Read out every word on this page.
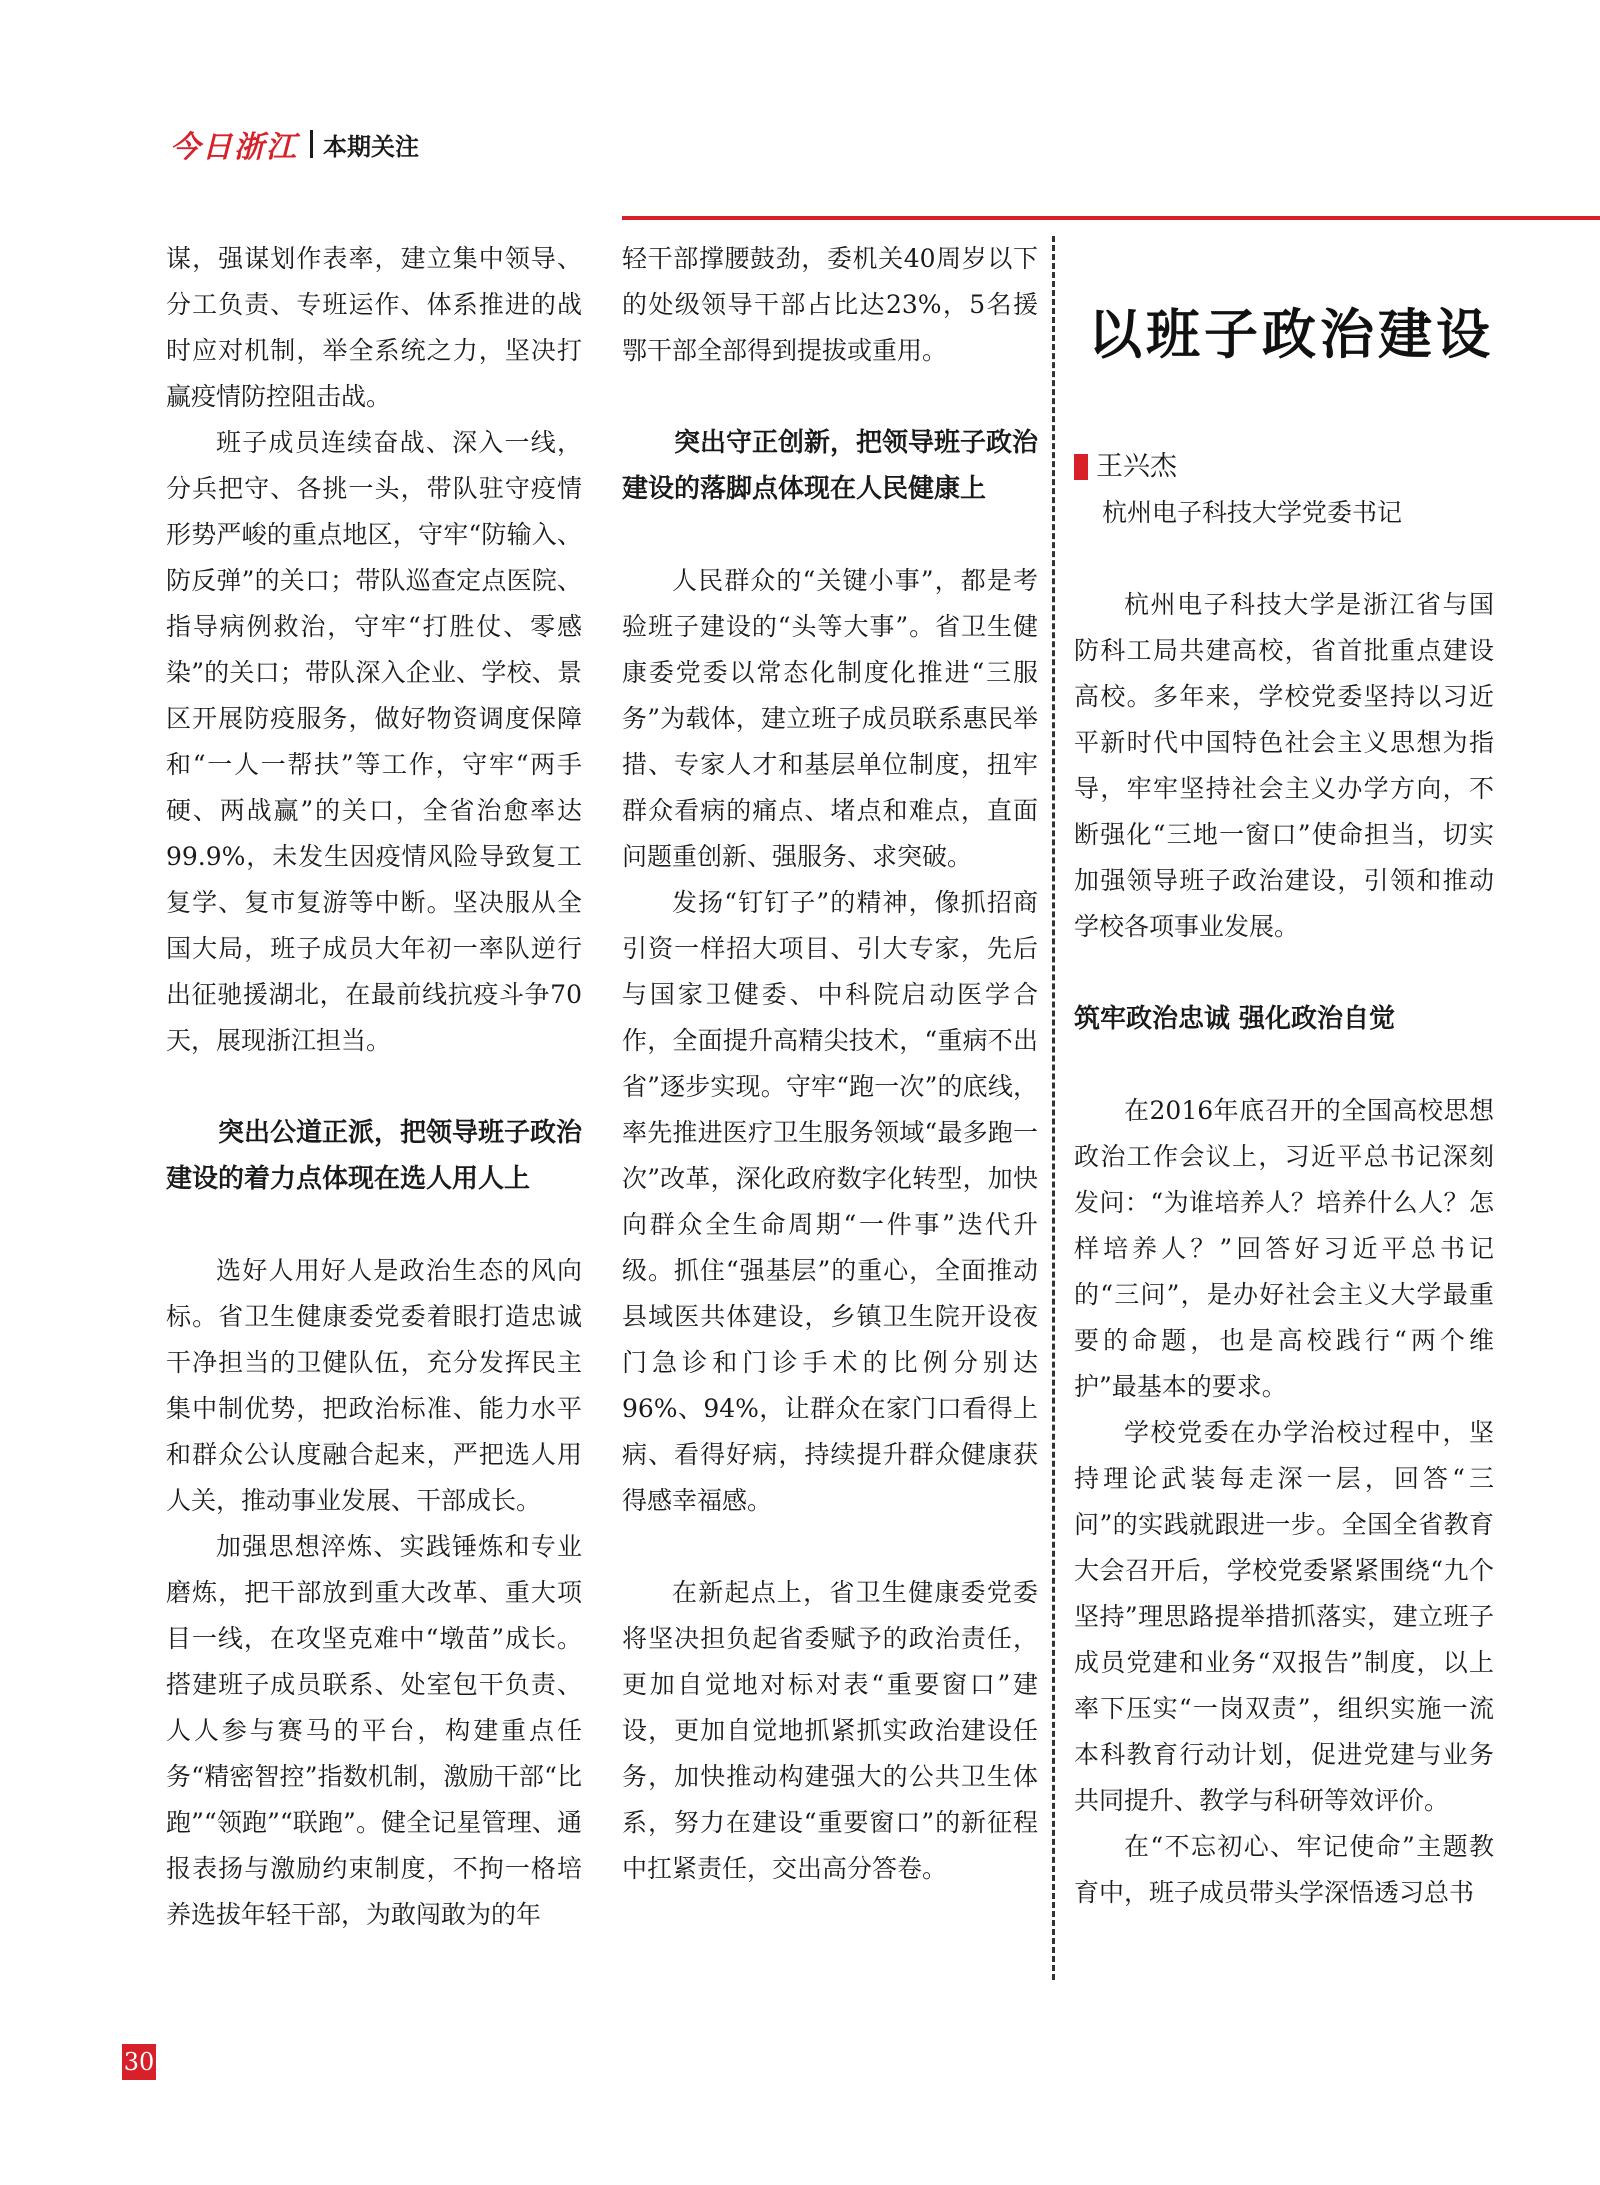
今日浙江 本期关注

谋，强谋划作表率，建立集中领导、分工负责、专班运作、体系推进的战时应对机制，举全系统之力，坚决打赢疫情防控阻击战。

班子成员连续奋战、深入一线，分兵把守、各挑一头，带队驻守疫情形势严峻的重点地区，守牢“防输入、防反弹”的关口；带队巡查定点医院、指导病例救治，守牢“打胜仗、零感染”的关口；带队深入企业、学校、景区开展防疫服务，做好物资调度保障和“一人一帮扶”等工作，守牢“两手硬、两战赢”的关口，全省治愈率达99.9%，未发生因疫情风险导致复工复学、复市复游等中断。坚决服从全国大局，班子成员大年初一率队逆行出征驰援湖北，在最前线抗疫斗争70天，展现浙江担当。

突出公道正派，把领导班子政治建设的着力点体现在选人用人上

选好人用好人是政治生态的风向标。省卫生健康委党委着眼打造忠诚干净担当的卫健队伍，充分发挥民主集中制优势，把政治标准、能力水平和群众公认度融合起来，严把选人用人关，推动事业发展、干部成长。

加强思想淬炼、实践锤炼和专业磨炼，把干部放到重大改革、重大项目一线，在攻坚克难中“墩苗”成长。搭建班子成员联系、处室包干负责、人人参与赛马的平台，构建重点任务“精密智控”指数机制，激励干部“比跑”“领跑”“联跑”。健全记星管理、通报表扬与激励约束制度，不拘一格培养选拔年轻干部，为敢闯敢为的年

轻干部撑腰鼓劲，委机关40周岁以下的处级领导干部占比达23%，5名援鄂干部全部得到提拔或重用。

突出守正创新，把领导班子政治建设的落脚点体现在人民健康上

人民群众的“关键小事”，都是考验班子建设的“头等大事”。省卫生健康委党委以常态化制度化推进“三服务”为载体，建立班子成员联系惠民举措、专家人才和基层单位制度，扭牢群众看病的痛点、堵点和难点，直面问题重创新、强服务、求突破。

发扬“钉钉子”的精神，像抓招商引资一样招大项目、引大专家，先后与国家卫健委、中科院启动医学合作，全面提升高精尖技术，“重病不出省”逐步实现。守牢“跑一次”的底线，率先推进医疗卫生服务领域“最多跑一次”改革，深化政府数字化转型，加快向群众全生命周期“一件事”迭代升级。抓住“强基层”的重心，全面推动县域医共体建设，乡镇卫生院开设夜门急诊和门诊手术的比例分别达96%、94%，让群众在家门口看得上病、看得好病，持续提升群众健康获得感幸福感。

在新起点上，省卫生健康委党委将坚决担负起省委赋予的政治责任，更加自觉地对标对表“重要窗口”建设，更加自觉地抓紧抓实政治建设任务，加快推动构建强大的公共卫生体系，努力在建设“重要窗口”的新征程中扛紧责任，交出高分答卷。

以班子政治建设
王兴杰
杭州电子科技大学党委书记

杭州电子科技大学是浙江省与国防科工局共建高校，省首批重点建设高校。多年来，学校党委坚持以习近平新时代中国特色社会主义思想为指导，牢牢坚持社会主义办学方向，不断强化“三地一窗口”使命担当，切实加强领导班子政治建设，引领和推动学校各项事业发展。

筑牢政治忠诚 强化政治自觉

在2016年底召开的全国高校思想政治工作会议上，习近平总书记深刻发问：“为谁培养人？培养什么人？怎样培养人？”回答好习近平总书记的“三问”，是办好社会主义大学最重要的命题，也是高校践行“两个维护”最基本的要求。

学校党委在办学治校过程中，坚持理论武装每走深一层，回答“三问”的实践就跟进一步。全国全省教育大会召开后，学校党委紧紧围绕“九个坚持”理思路提举措抓落实，建立班子成员党建和业务“双报告”制度，以上率下压实“一岗双责”，组织实施一流本科教育行动计划，促进党建与业务共同提升、教学与科研等效评价。

在“不忘初心、牢记使命”主题教育中，班子成员带头学深悟透习总书

30
